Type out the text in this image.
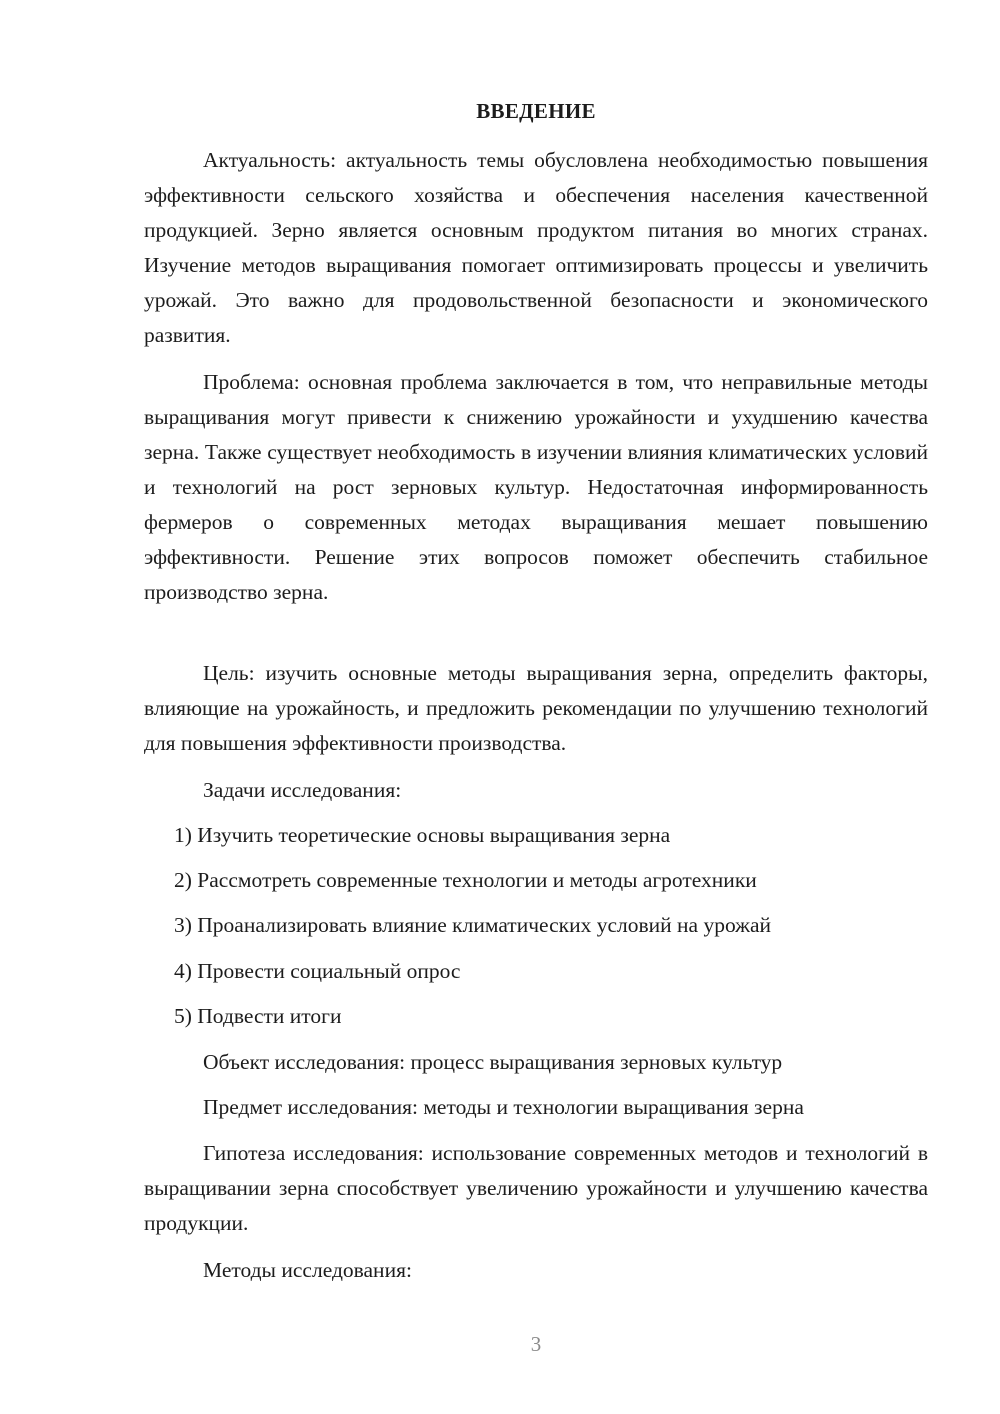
ВВЕДЕНИЕ

Актуальность: актуальность темы обусловлена необходимостью повышения эффективности сельского хозяйства и обеспечения населения качественной продукцией. Зерно является основным продуктом питания во многих странах. Изучение методов выращивания помогает оптимизировать процессы и увеличить урожай. Это важно для продовольственной безопасности и экономического развития.

Проблема: основная проблема заключается в том, что неправильные методы выращивания могут привести к снижению урожайности и ухудшению качества зерна. Также существует необходимость в изучении влияния климатических условий и технологий на рост зерновых культур. Недостаточная информированность фермеров о современных методах выращивания мешает повышению эффективности. Решение этих вопросов поможет обеспечить стабильное производство зерна.

Цель: изучить основные методы выращивания зерна, определить факторы, влияющие на урожайность, и предложить рекомендации по улучшению технологий для повышения эффективности производства.

Задачи исследования:

1) Изучить теоретические основы выращивания зерна

2) Рассмотреть современные технологии и методы агротехники

3) Проанализировать влияние климатических условий на урожай

4) Провести социальный опрос

5) Подвести итоги

Объект исследования: процесс выращивания зерновых культур

Предмет исследования: методы и технологии выращивания зерна

Гипотеза исследования: использование современных методов и технологий в выращивании зерна способствует увеличению урожайности и улучшению качества продукции.

Методы исследования:

3
